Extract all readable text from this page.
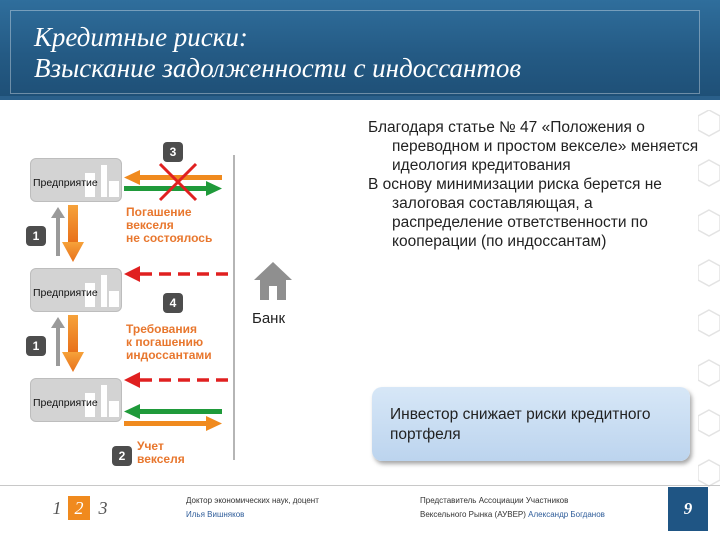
Кредитные риски:
Взыскание задолженности с индоссантов
Предприятие
Предприятие
Предприятие
3
1
4
1
2
Погашение
векселя
не состоялось
Требования
к погашению
индоссантами
Учет
векселя
Банк

Благодаря статье № 47 «Положения о переводном и простом векселе» меняется идеология кредитования

В основу минимизации риска берется не залоговая составляющая, а распределение ответственности по кооперации (по индоссантам)

Инвестор снижает риски кредитного портфеля
1 2 3	Доктор экономических наук, доцент
Илья Вишняков
Представитель Ассоциации Участников
Вексельного Рынка (АУВЕР) Александр Богданов	9
